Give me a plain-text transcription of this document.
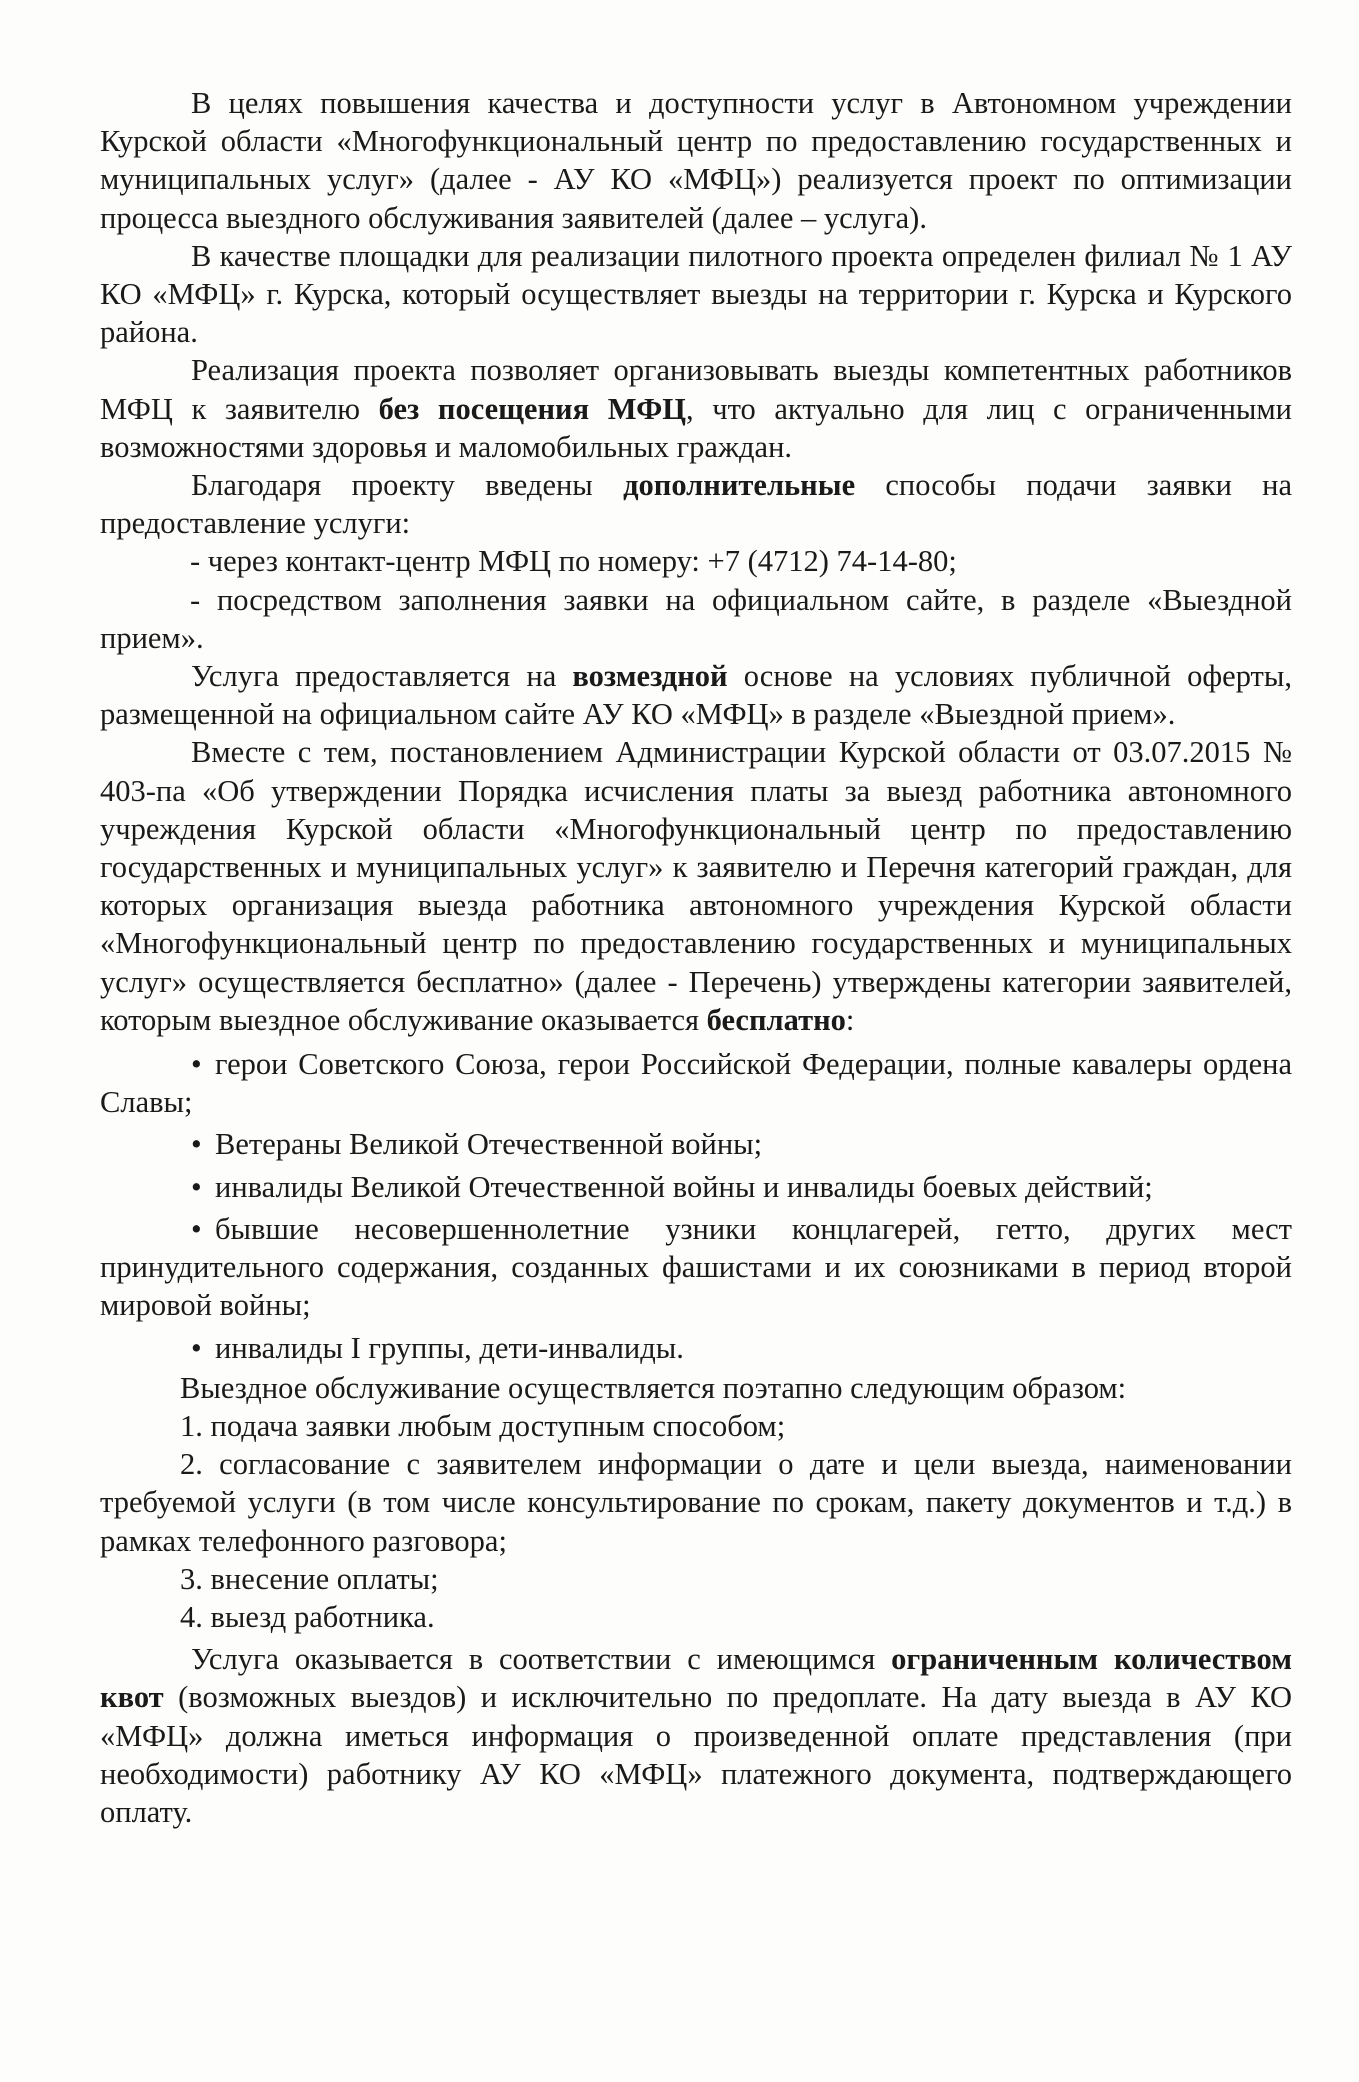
В целях повышения качества и доступности услуг в Автономном учреждении Курской области «Многофункциональный центр по предоставлению государственных и муниципальных услуг» (далее - АУ КО «МФЦ») реализуется проект по оптимизации процесса выездного обслуживания заявителей (далее – услуга).

В качестве площадки для реализации пилотного проекта определен филиал № 1 АУ КО «МФЦ» г. Курска, который осуществляет выезды на территории г. Курска и Курского района.

Реализация проекта позволяет организовывать выезды компетентных работников МФЦ к заявителю без посещения МФЦ, что актуально для лиц с ограниченными возможностями здоровья и маломобильных граждан.

Благодаря проекту введены дополнительные способы подачи заявки на предоставление услуги:

- через контакт-центр МФЦ по номеру: +7 (4712) 74-14-80;

- посредством заполнения заявки на официальном сайте, в разделе «Выездной прием».

Услуга предоставляется на возмездной основе на условиях публичной оферты, размещенной на официальном сайте АУ КО «МФЦ» в разделе «Выездной прием».

Вместе с тем, постановлением Администрации Курской области от 03.07.2015 № 403-па «Об утверждении Порядка исчисления платы за выезд работника автономного учреждения Курской области «Многофункциональный центр по предоставлению государственных и муниципальных услуг» к заявителю и Перечня категорий граждан, для которых организация выезда работника автономного учреждения Курской области «Многофункциональный центр по предоставлению государственных и муниципальных услуг» осуществляется бесплатно» (далее - Перечень) утверждены категории заявителей, которым выездное обслуживание оказывается бесплатно:

• герои Советского Союза, герои Российской Федерации, полные кавалеры ордена Славы;

• Ветераны Великой Отечественной войны;

• инвалиды Великой Отечественной войны и инвалиды боевых действий;

• бывшие несовершеннолетние узники концлагерей, гетто, других мест принудительного содержания, созданных фашистами и их союзниками в период второй мировой войны;

• инвалиды I группы, дети-инвалиды.

Выездное обслуживание осуществляется поэтапно следующим образом:

1. подача заявки любым доступным способом;

2. согласование с заявителем информации о дате и цели выезда, наименовании требуемой услуги (в том числе консультирование по срокам, пакету документов и т.д.) в рамках телефонного разговора;

3. внесение оплаты;

4. выезд работника.

Услуга оказывается в соответствии с имеющимся ограниченным количеством квот (возможных выездов) и исключительно по предоплате. На дату выезда в АУ КО «МФЦ» должна иметься информация о произведенной оплате представления (при необходимости) работнику АУ КО «МФЦ» платежного документа, подтверждающего оплату.
